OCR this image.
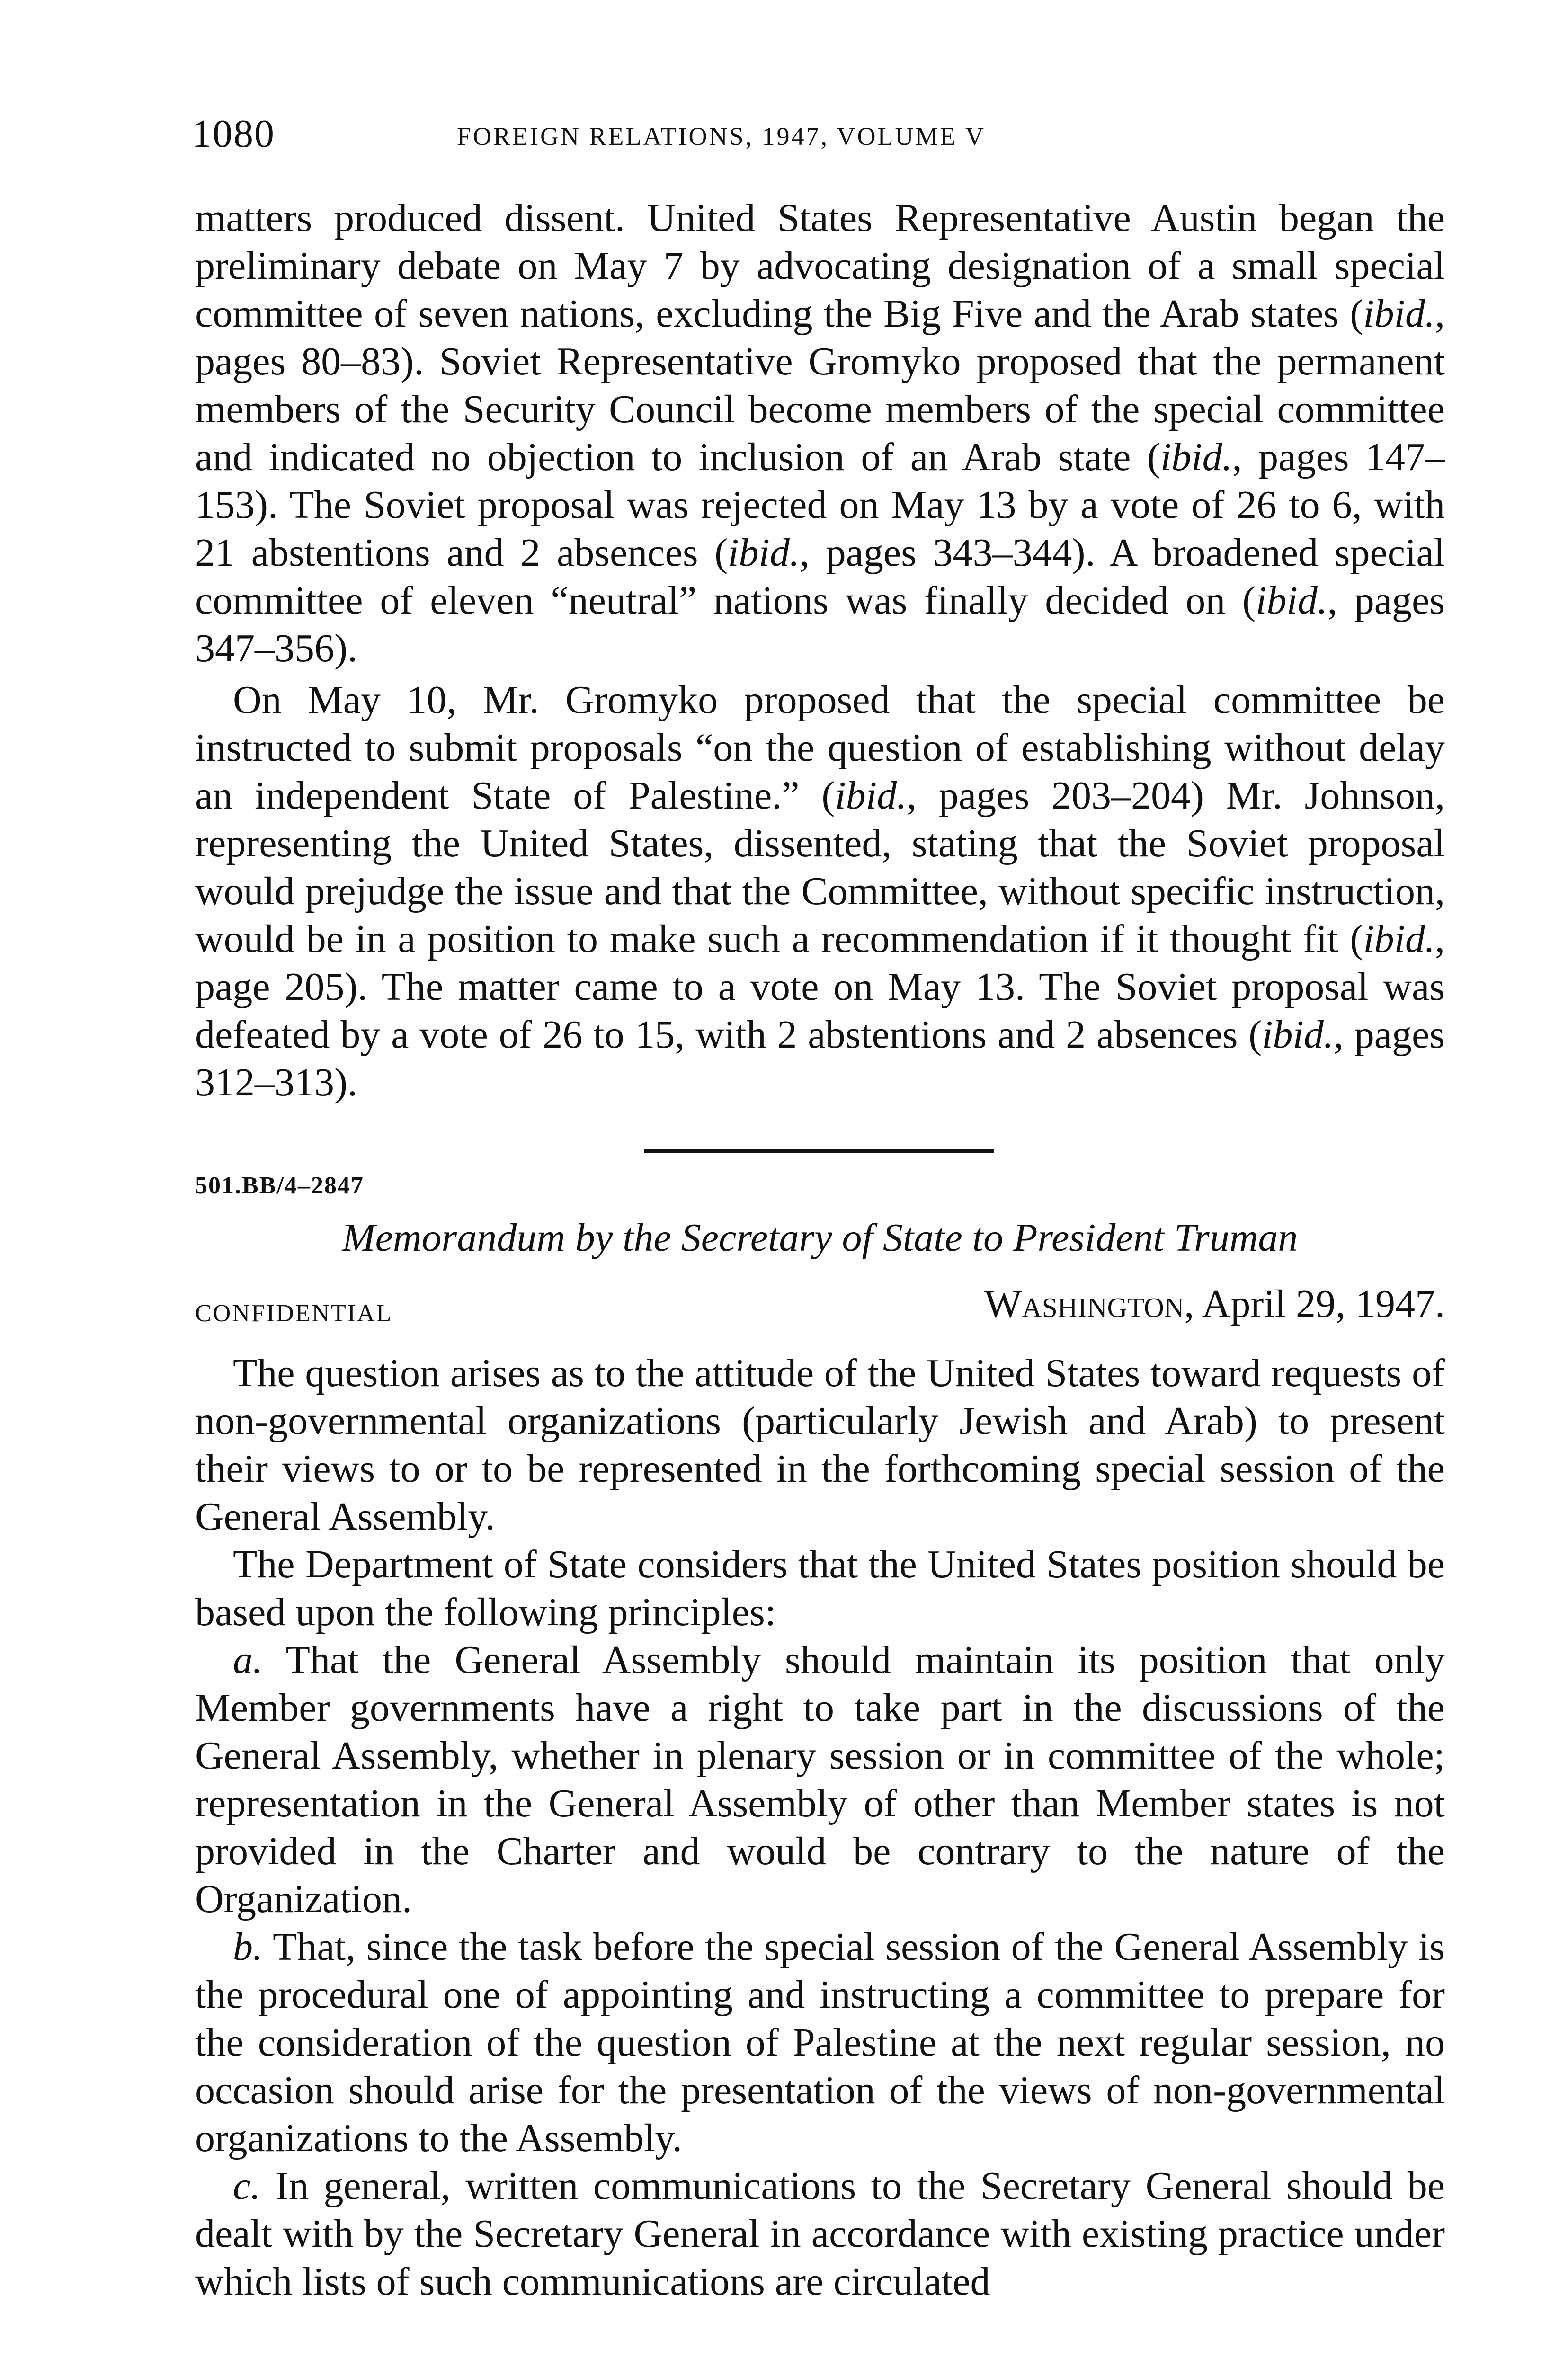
1080	FOREIGN RELATIONS, 1947, VOLUME V

matters produced dissent. United States Representative Austin began the preliminary debate on May 7 by advocating designation of a small special committee of seven nations, excluding the Big Five and the Arab states (ibid., pages 80–83). Soviet Representative Gromyko proposed that the permanent members of the Security Council become members of the special committee and indicated no objection to inclusion of an Arab state (ibid., pages 147–153). The Soviet proposal was rejected on May 13 by a vote of 26 to 6, with 21 abstentions and 2 absences (ibid., pages 343–344). A broadened special committee of eleven “neutral” nations was finally decided on (ibid., pages 347–356).

On May 10, Mr. Gromyko proposed that the special committee be instructed to submit proposals “on the question of establishing without delay an independent State of Palestine.” (ibid., pages 203–204) Mr. Johnson, representing the United States, dissented, stating that the Soviet proposal would prejudge the issue and that the Committee, without specific instruction, would be in a position to make such a recommendation if it thought fit (ibid., page 205). The matter came to a vote on May 13. The Soviet proposal was defeated by a vote of 26 to 15, with 2 abstentions and 2 absences (ibid., pages 312–313).

501.BB/4–2847
Memorandum by the Secretary of State to President Truman
CONFIDENTIAL	Washington, April 29, 1947.

The question arises as to the attitude of the United States toward requests of non-governmental organizations (particularly Jewish and Arab) to present their views to or to be represented in the forthcoming special session of the General Assembly.

The Department of State considers that the United States position should be based upon the following principles:

a. That the General Assembly should maintain its position that only Member governments have a right to take part in the discussions of the General Assembly, whether in plenary session or in committee of the whole; representation in the General Assembly of other than Member states is not provided in the Charter and would be contrary to the nature of the Organization.

b. That, since the task before the special session of the General Assembly is the procedural one of appointing and instructing a committee to prepare for the consideration of the question of Palestine at the next regular session, no occasion should arise for the presentation of the views of non-governmental organizations to the Assembly.

c. In general, written communications to the Secretary General should be dealt with by the Secretary General in accordance with existing practice under which lists of such communications are circulated
